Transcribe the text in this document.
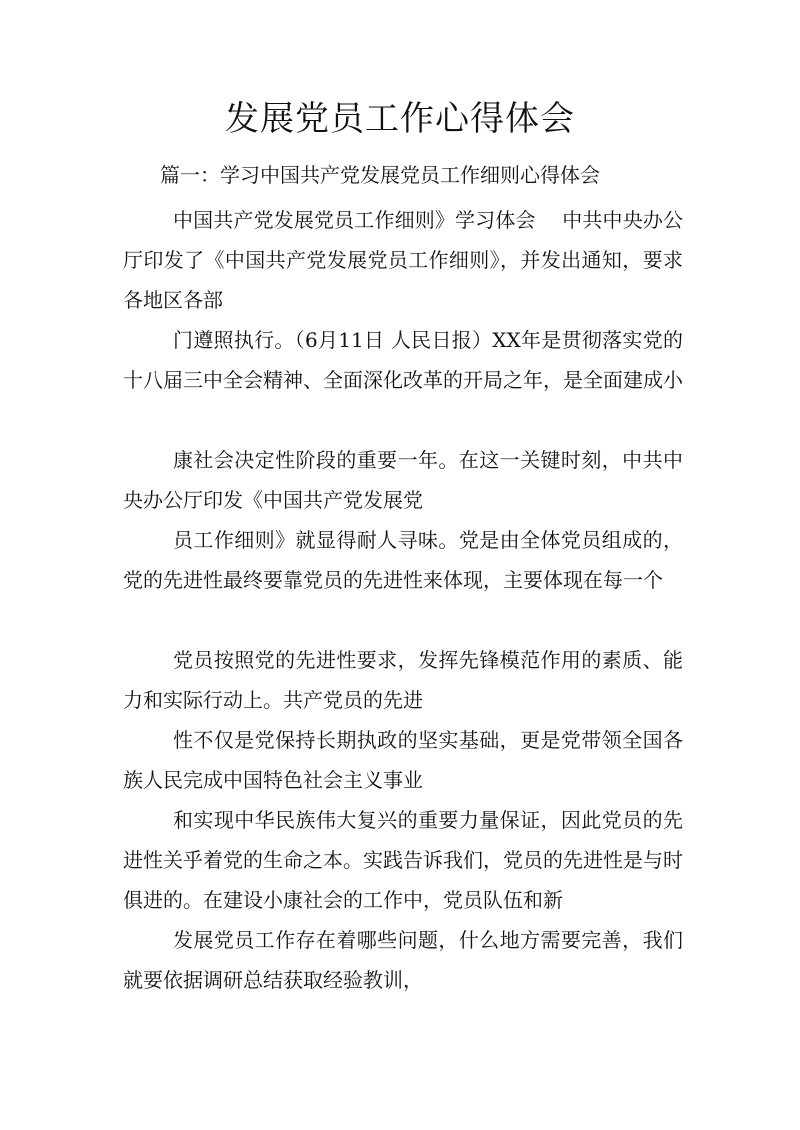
发展党员工作心得体会
篇一：学习中国共产党发展党员工作细则心得体会

中国共产党发展党员工作细则》学习体会　 中共中央办公厅印发了《中国共产党发展党员工作细则》，并发出通知，要求各地区各部

门遵照执行。（6月11日 人民日报）XX年是贯彻落实党的十八届三中全会精神、全面深化改革的开局之年，是全面建成小

康社会决定性阶段的重要一年。在这一关键时刻，中共中央办公厅印发《中国共产党发展党

员工作细则》就显得耐人寻味。党是由全体党员组成的，党的先进性最终要靠党员的先进性来体现，主要体现在每一个

党员按照党的先进性要求，发挥先锋模范作用的素质、能力和实际行动上。共产党员的先进

性不仅是党保持长期执政的坚实基础，更是党带领全国各族人民完成中国特色社会主义事业

和实现中华民族伟大复兴的重要力量保证，因此党员的先进性关乎着党的生命之本。实践告诉我们，党员的先进性是与时俱进的。在建设小康社会的工作中，党员队伍和新

发展党员工作存在着哪些问题，什么地方需要完善，我们就要依据调研总结获取经验教训，
